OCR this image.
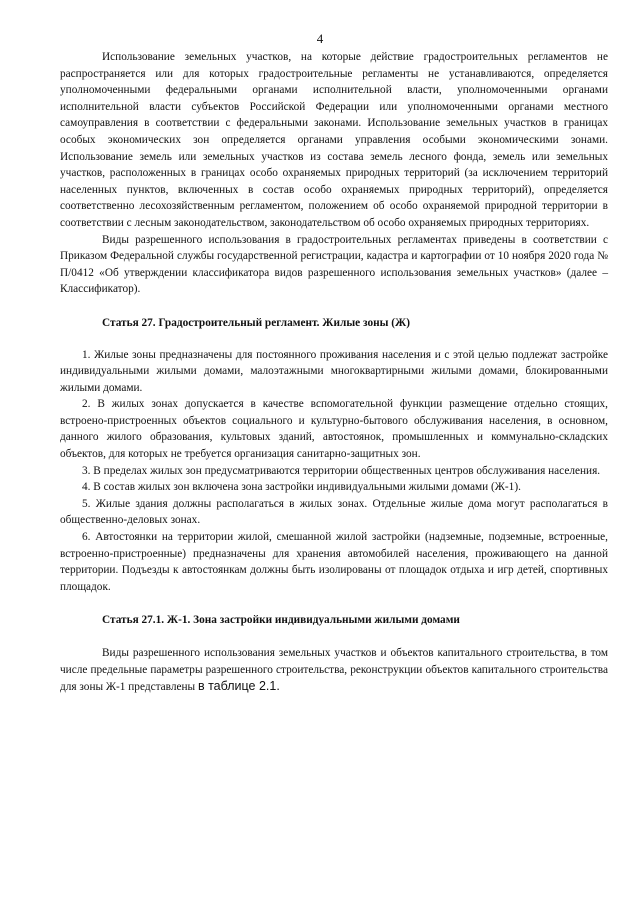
4

Использование земельных участков, на которые действие градостроительных регламентов не распространяется или для которых градостроительные регламенты не устанавливаются, определяется уполномоченными федеральными органами исполнительной власти, уполномоченными органами исполнительной власти субъектов Российской Федерации или уполномоченными органами местного самоуправления в соответствии с федеральными законами. Использование земельных участков в границах особых экономических зон определяется органами управления особыми экономическими зонами. Использование земель или земельных участков из состава земель лесного фонда, земель или земельных участков, расположенных в границах особо охраняемых природных территорий (за исключением территорий населенных пунктов, включенных в состав особо охраняемых природных территорий), определяется соответственно лесохозяйственным регламентом, положением об особо охраняемой природной территории в соответствии с лесным законодательством, законодательством об особо охраняемых природных территориях.

Виды разрешенного использования в градостроительных регламентах приведены в соответствии с Приказом Федеральной службы государственной регистрации, кадастра и картографии от 10 ноября 2020 года № П/0412 «Об утверждении классификатора видов разрешенного использования земельных участков» (далее – Классификатор).

Статья 27. Градостроительный регламент. Жилые зоны (Ж)

1. Жилые зоны предназначены для постоянного проживания населения и с этой целью подлежат застройке индивидуальными жилыми домами, малоэтажными многоквартирными жилыми домами, блокированными жилыми домами.

2. В жилых зонах допускается в качестве вспомогательной функции размещение отдельно стоящих, встроено-пристроенных объектов социального и культурно-бытового обслуживания населения, в основном, данного жилого образования, культовых зданий, автостоянок, промышленных и коммунально-складских объектов, для которых не требуется организация санитарно-защитных зон.

3. В пределах жилых зон предусматриваются территории общественных центров обслуживания населения.

4. В состав жилых зон включена зона застройки индивидуальными жилыми домами (Ж-1).

5. Жилые здания должны располагаться в жилых зонах. Отдельные жилые дома могут располагаться в общественно-деловых зонах.

6. Автостоянки на территории жилой, смешанной жилой застройки (надземные, подземные, встроенные, встроенно-пристроенные) предназначены для хранения автомобилей населения, проживающего на данной территории. Подъезды к автостоянкам должны быть изолированы от площадок отдыха и игр детей, спортивных площадок.

Статья 27.1. Ж-1. Зона застройки индивидуальными жилыми домами

Виды разрешенного использования земельных участков и объектов капитального строительства, в том числе предельные параметры разрешенного строительства, реконструкции объектов капитального строительства для зоны Ж-1 представлены в таблице 2.1.
